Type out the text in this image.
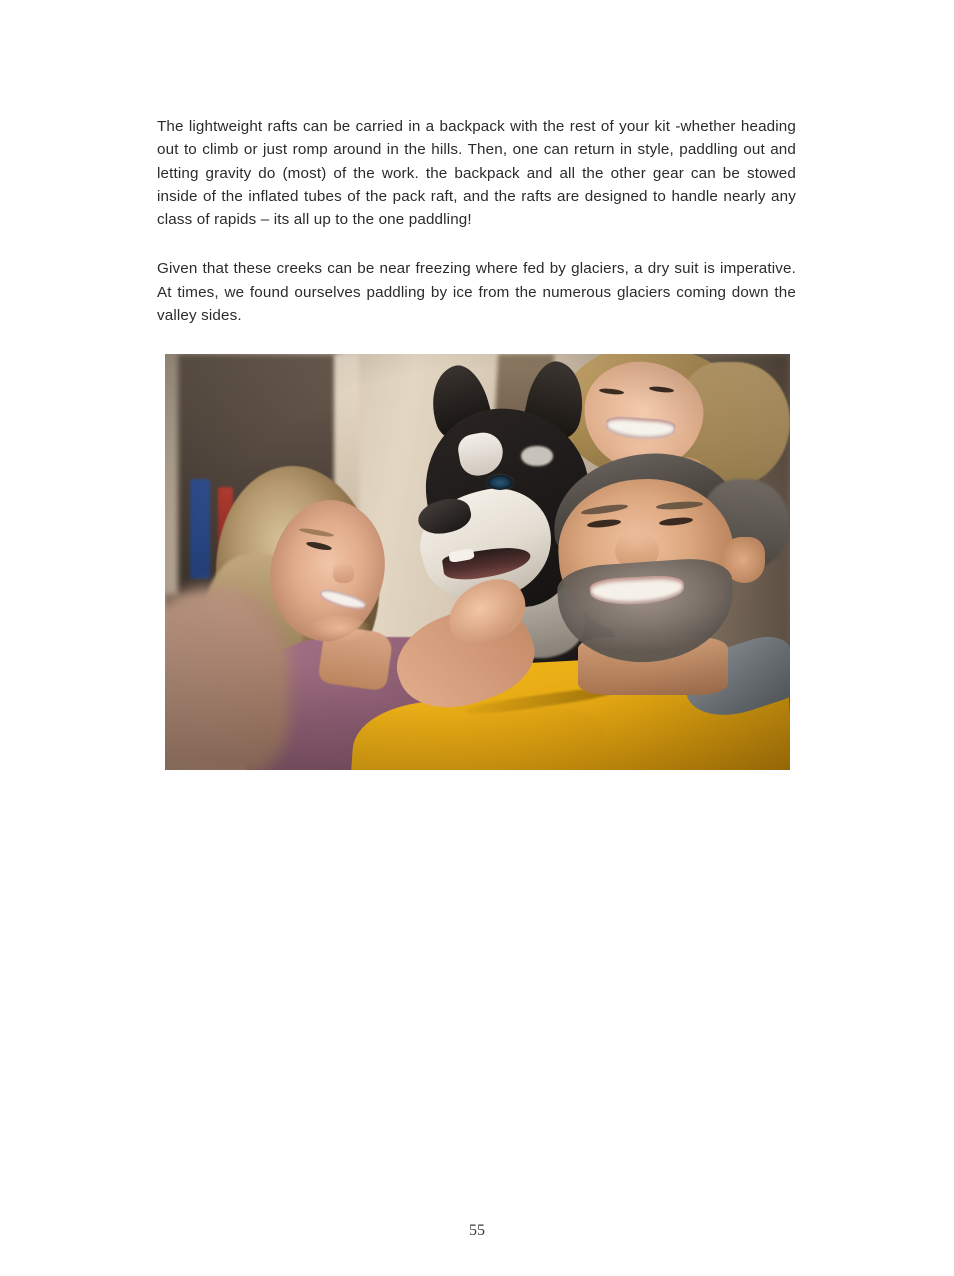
The lightweight rafts can be carried in a backpack with the rest of your kit -whether heading out to climb or just romp around in the hills. Then, one can return in style, paddling out and letting gravity do (most) of the work. the backpack and all the other gear can be stowed inside of the inflated tubes of the pack raft, and the rafts are designed to handle nearly any class of rapids – its all up to the one paddling!

Given that these creeks can be near freezing where fed by glaciers, a dry suit is imperative. At times, we found ourselves paddling by ice from the numerous glaciers coming down the valley sides.

55
